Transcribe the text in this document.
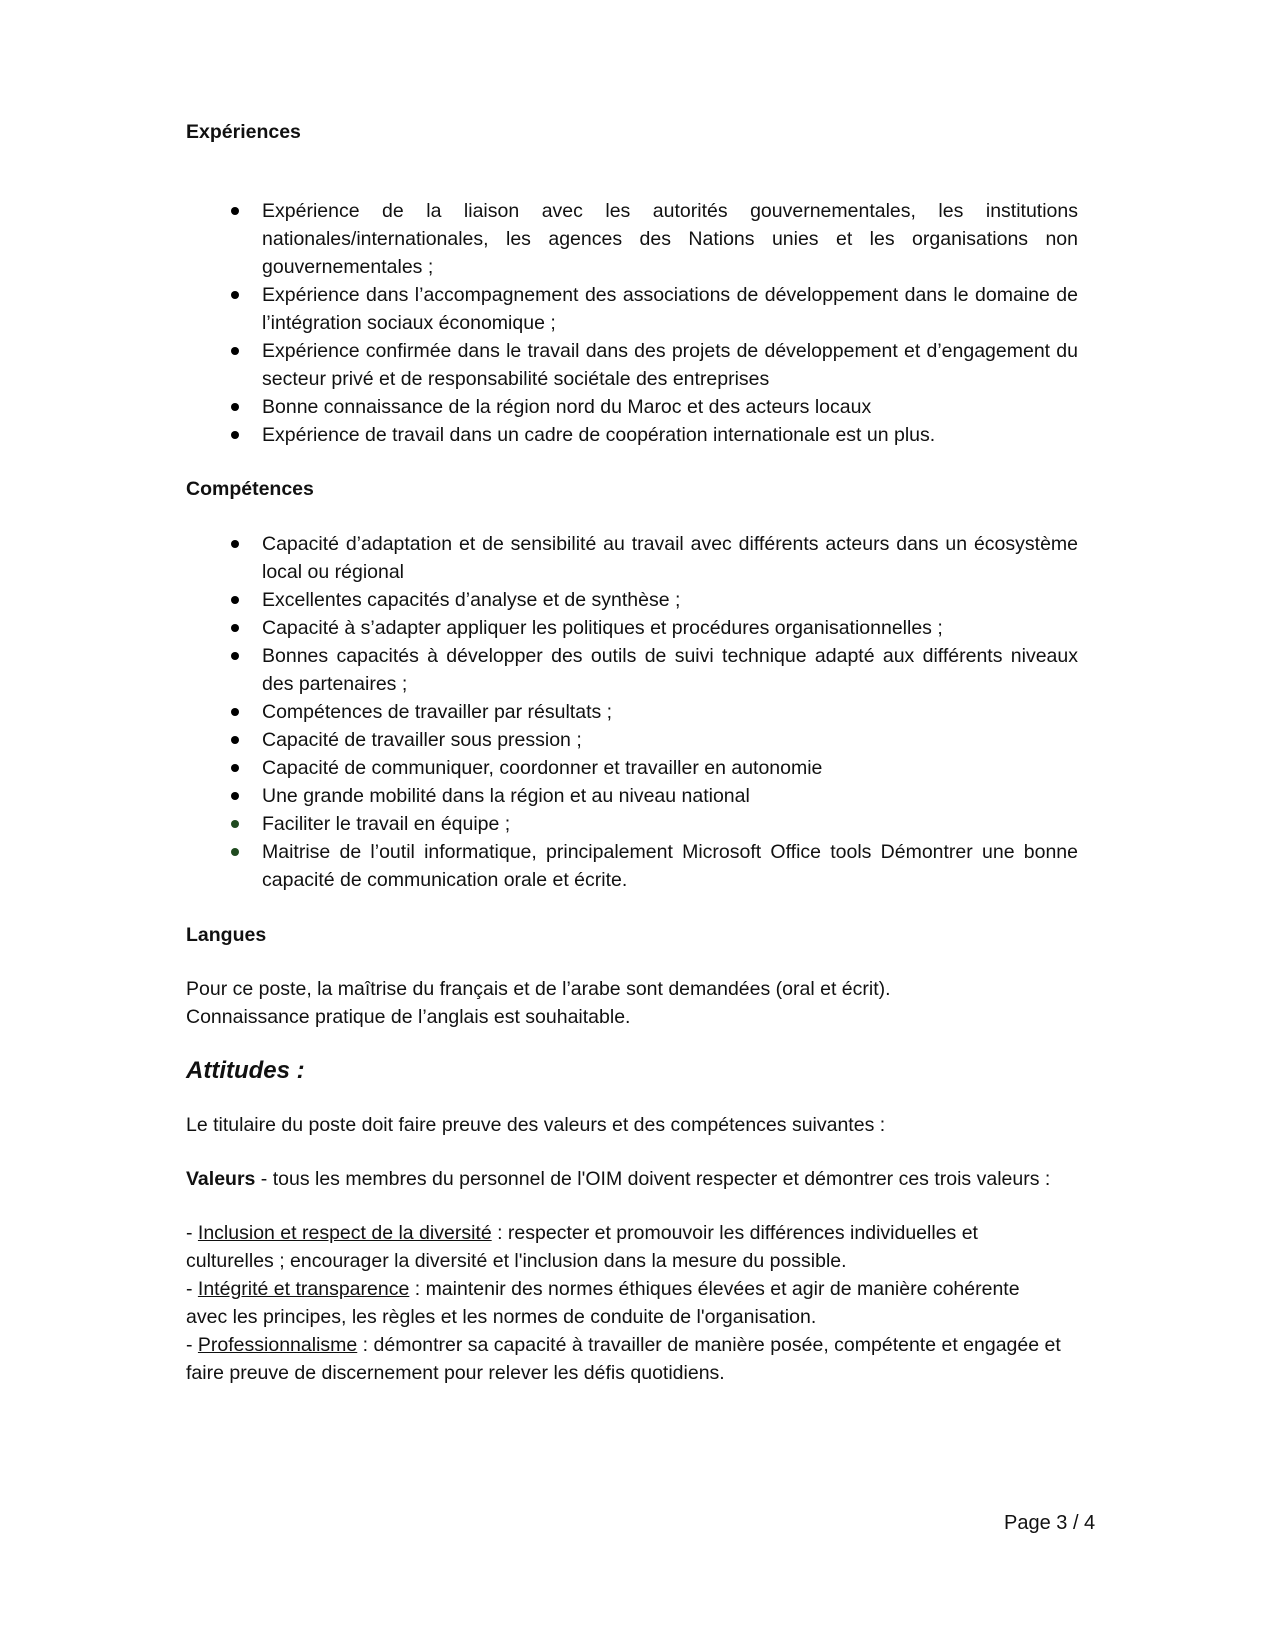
Expériences
Expérience de la liaison avec les autorités gouvernementales, les institutions nationales/internationales, les agences des Nations unies et les organisations non gouvernementales ;
Expérience dans l’accompagnement des associations de développement dans le domaine de l’intégration sociaux économique ;
Expérience confirmée dans le travail dans des projets de développement et d’engagement du secteur privé et de responsabilité sociétale des entreprises
Bonne connaissance de la région nord du Maroc et des acteurs locaux
Expérience de travail dans un cadre de coopération internationale est un plus.
Compétences
Capacité d’adaptation et de sensibilité au travail avec différents acteurs dans un écosystème local ou régional
Excellentes capacités d’analyse et de synthèse ;
Capacité à s’adapter appliquer les politiques et procédures organisationnelles ;
Bonnes capacités à développer des outils de suivi technique adapté aux différents niveaux des partenaires ;
Compétences de travailler par résultats ;
Capacité de travailler sous pression ;
Capacité de communiquer, coordonner et travailler en autonomie
Une grande mobilité dans la région et au niveau national
Faciliter le travail en équipe ;
Maitrise de l’outil informatique, principalement Microsoft Office tools Démontrer une bonne capacité de communication orale et écrite.
Langues

Pour ce poste, la maîtrise du français et de l’arabe sont demandées (oral et écrit).

Connaissance pratique de l’anglais est souhaitable.

Attitudes :

Le titulaire du poste doit faire preuve des valeurs et des compétences suivantes :

Valeurs - tous les membres du personnel de l'OIM doivent respecter et démontrer ces trois valeurs :

- Inclusion et respect de la diversité : respecter et promouvoir les différences individuelles et culturelles ; encourager la diversité et l'inclusion dans la mesure du possible.

- Intégrité et transparence : maintenir des normes éthiques élevées et agir de manière cohérente avec les principes, les règles et les normes de conduite de l'organisation.

- Professionnalisme : démontrer sa capacité à travailler de manière posée, compétente et engagée et faire preuve de discernement pour relever les défis quotidiens.

Page 3 / 4
